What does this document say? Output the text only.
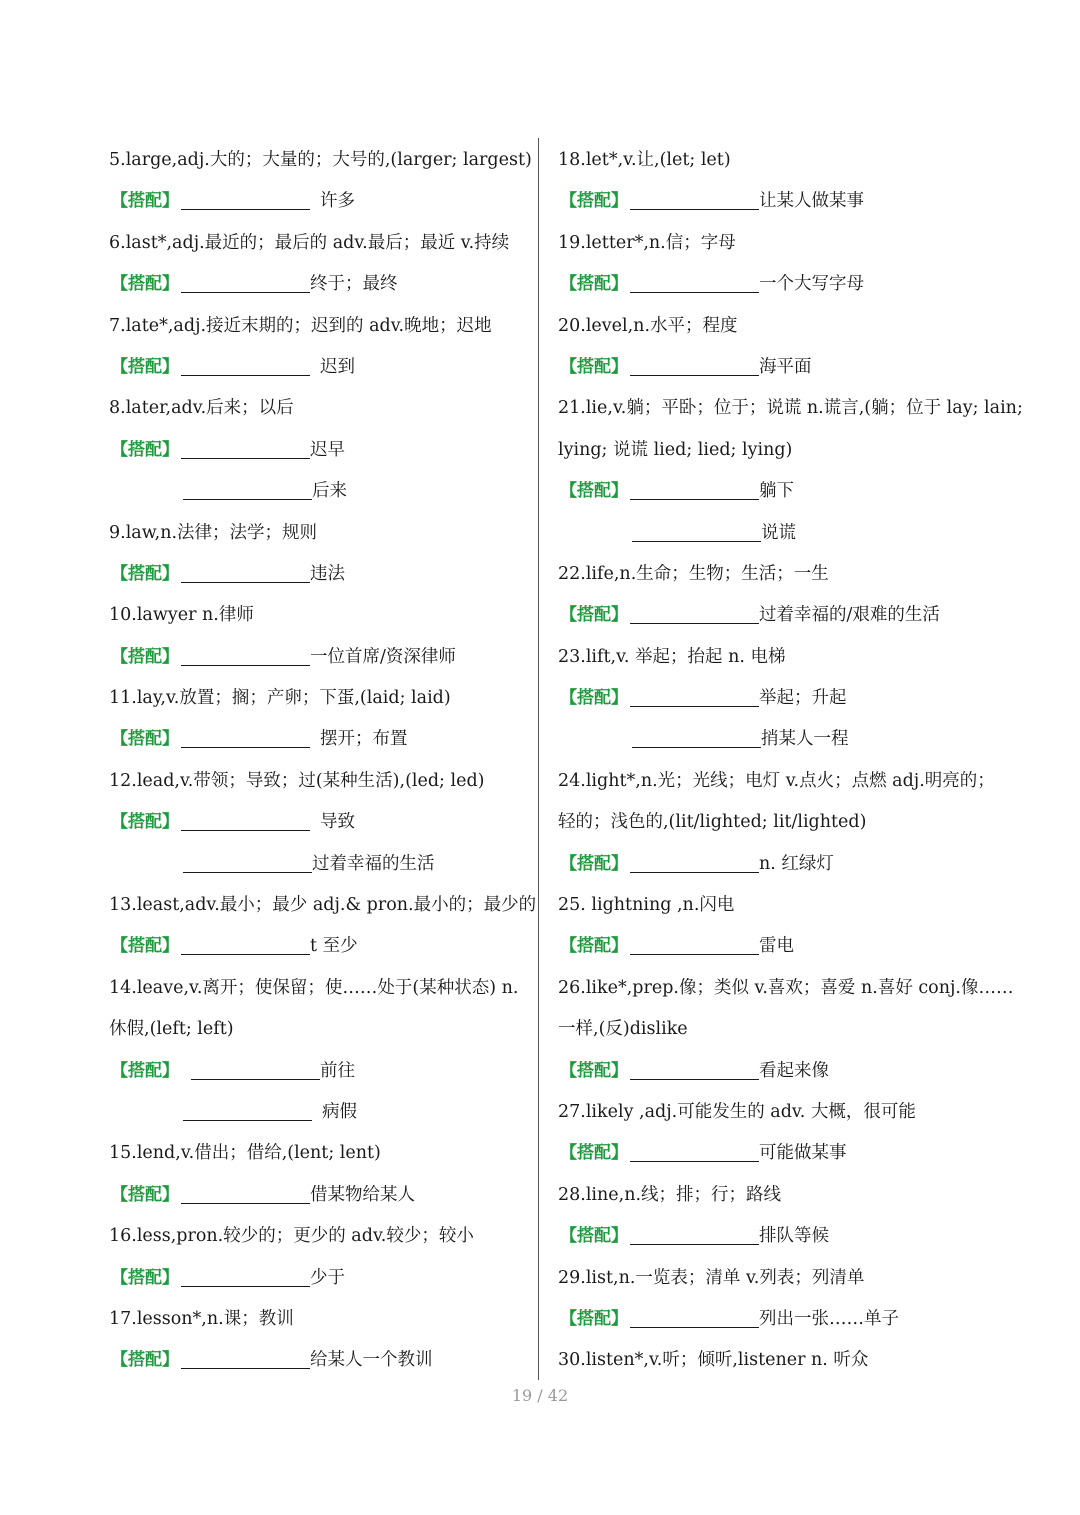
5.large,adj.大的；大量的；大号的,(larger; largest)
【搭配】	许多
6.last*,adj.最近的；最后的 adv.最后；最近 v.持续
【搭配】	终于；最终
7.late*,adj.接近末期的；迟到的 adv.晚地；迟地
【搭配】	迟到
8.later,adv.后来；以后
【搭配】	迟早
后来
9.law,n.法律；法学；规则
【搭配】	违法
10.lawyer n.律师
【搭配】	一位首席/资深律师
11.lay,v.放置；搁；产卵；下蛋,(laid; laid)
【搭配】	摆开；布置
12.lead,v.带领；导致；过(某种生活),(led; led)
【搭配】	导致
过着幸福的生活
13.least,adv.最小；最少 adj.& pron.最小的；最少的
【搭配】	t 至少
14.leave,v.离开；使保留；使……处于(某种状态) n.
休假,(left; left)
【搭配】	前往
病假
15.lend,v.借出；借给,(lent; lent)
【搭配】	借某物给某人
16.less,pron.较少的；更少的 adv.较少；较小
【搭配】	少于
17.lesson*,n.课；教训
【搭配】	给某人一个教训
18.let*,v.让,(let; let)
【搭配】	让某人做某事
19.letter*,n.信；字母
【搭配】	一个大写字母
20.level,n.水平；程度
【搭配】	海平面
21.lie,v.躺；平卧；位于；说谎 n.谎言,(躺；位于 lay; lain;
lying; 说谎 lied; lied; lying)
【搭配】	躺下
说谎
22.life,n.生命；生物；生活；一生
【搭配】	过着幸福的/艰难的生活
23.lift,v. 举起；抬起 n. 电梯
【搭配】	举起；升起
捎某人一程
24.light*,n.光；光线；电灯 v.点火；点燃 adj.明亮的；
轻的；浅色的,(lit/lighted; lit/lighted)
【搭配】	n. 红绿灯
25. lightning ,n.闪电
【搭配】	雷电
26.like*,prep.像；类似 v.喜欢；喜爱 n.喜好 conj.像……
一样,(反)dislike
【搭配】	看起来像
27.likely ,adj.可能发生的 adv. 大概，很可能
【搭配】	可能做某事
28.line,n.线；排；行；路线
【搭配】	排队等候
29.list,n.一览表；清单 v.列表；列清单
【搭配】	列出一张……单子
30.listen*,v.听；倾听,listener n. 听众
19 / 42
